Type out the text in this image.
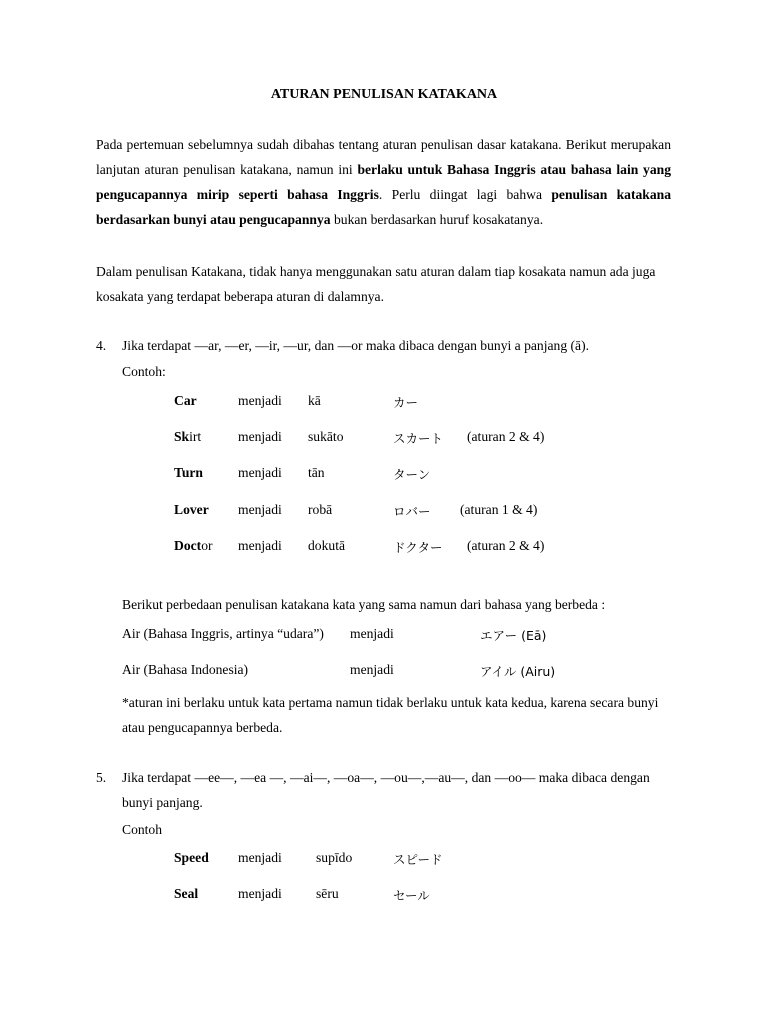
ATURAN PENULISAN KATAKANA

Pada pertemuan sebelumnya sudah dibahas tentang aturan penulisan dasar katakana. Berikut merupakan lanjutan aturan penulisan katakana, namun ini berlaku untuk Bahasa Inggris atau bahasa lain yang pengucapannya mirip seperti bahasa Inggris. Perlu diingat lagi bahwa penulisan katakana berdasarkan bunyi atau pengucapannya bukan berdasarkan huruf kosakatanya.

Dalam penulisan Katakana, tidak hanya menggunakan satu aturan dalam tiap kosakata namun ada juga kosakata yang terdapat beberapa aturan di dalamnya.

4. Jika terdapat —ar, —er, —ir, —ur, dan —or maka dibaca dengan bunyi a panjang (ā).
Contoh:
Car	menjadi kā	カー
Skirt	menjadi sukāto	スカート (aturan 2 & 4)
Turn	menjadi tān	ターン
Lover menjadi robā	ロバー (aturan 1 & 4)
Doctor menjadi dokutā	ドクター (aturan 2 & 4)
Berikut perbedaan penulisan katakana kata yang sama namun dari bahasa yang berbeda :
Air (Bahasa Inggris, artinya “udara”) menjadi	エアー (Eā)
Air (Bahasa Indonesia)	menjadi	アイル (Airu)

*aturan ini berlaku untuk kata pertama namun tidak berlaku untuk kata kedua, karena secara bunyi atau pengucapannya berbeda.

5. Jika terdapat —ee—, —ea —, —ai—, —oa—, —ou—,—au—, dan —oo— maka dibaca dengan bunyi panjang.

Contoh
Speed menjadi	supīdo	スピード
Seal	menjadi	sēru	セール
